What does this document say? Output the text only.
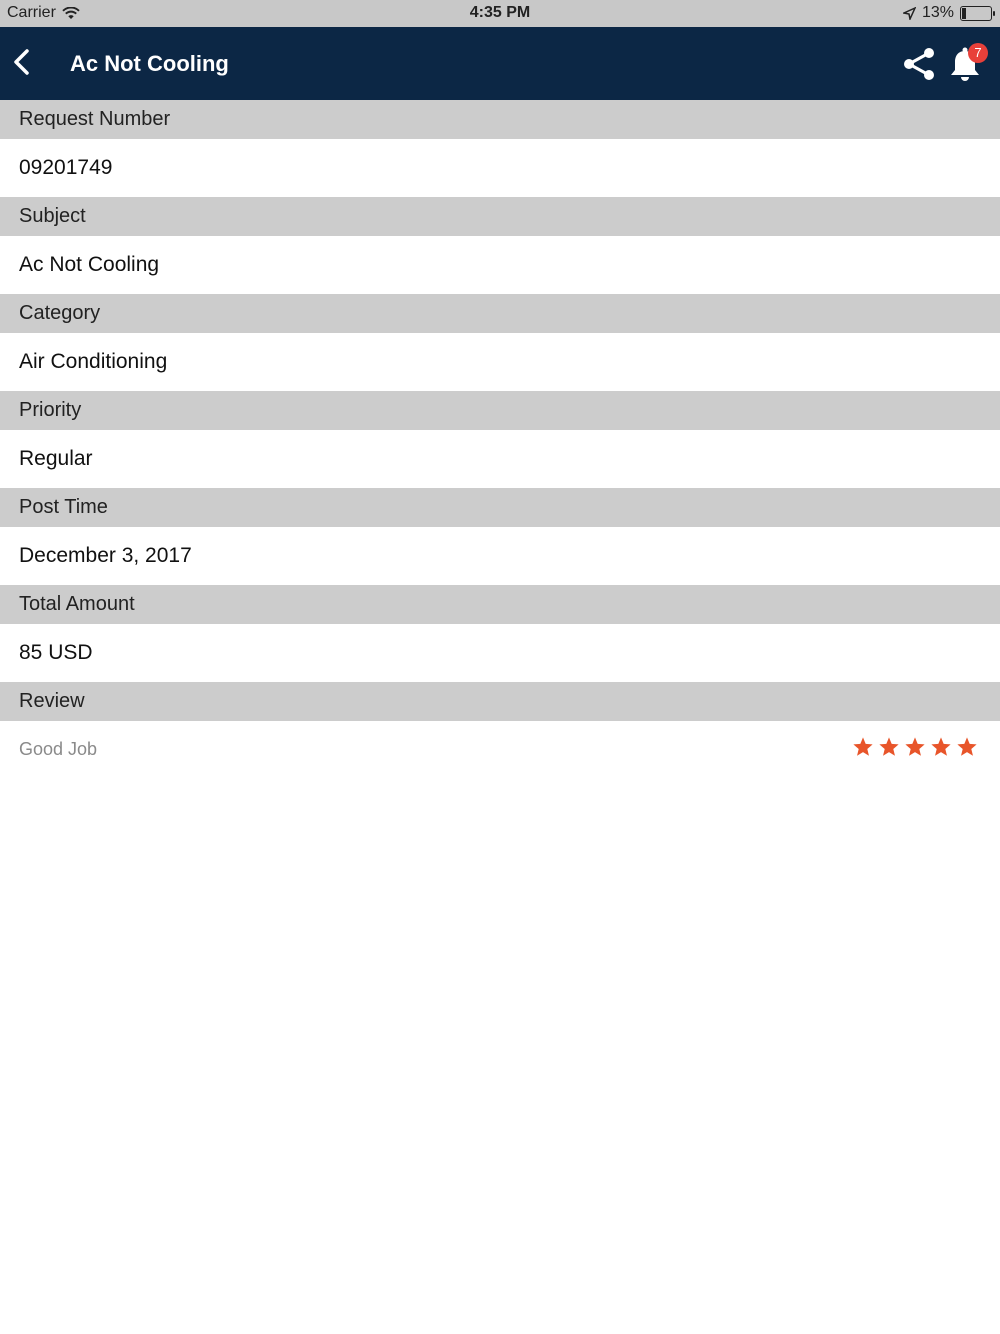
Carrier	4:35 PM	13%
Ac Not Cooling	7
Request Number
09201749
Subject
Ac Not Cooling
Category
Air Conditioning
Priority
Regular
Post Time
December 3, 2017
Total Amount
85 USD
Review
Good Job
